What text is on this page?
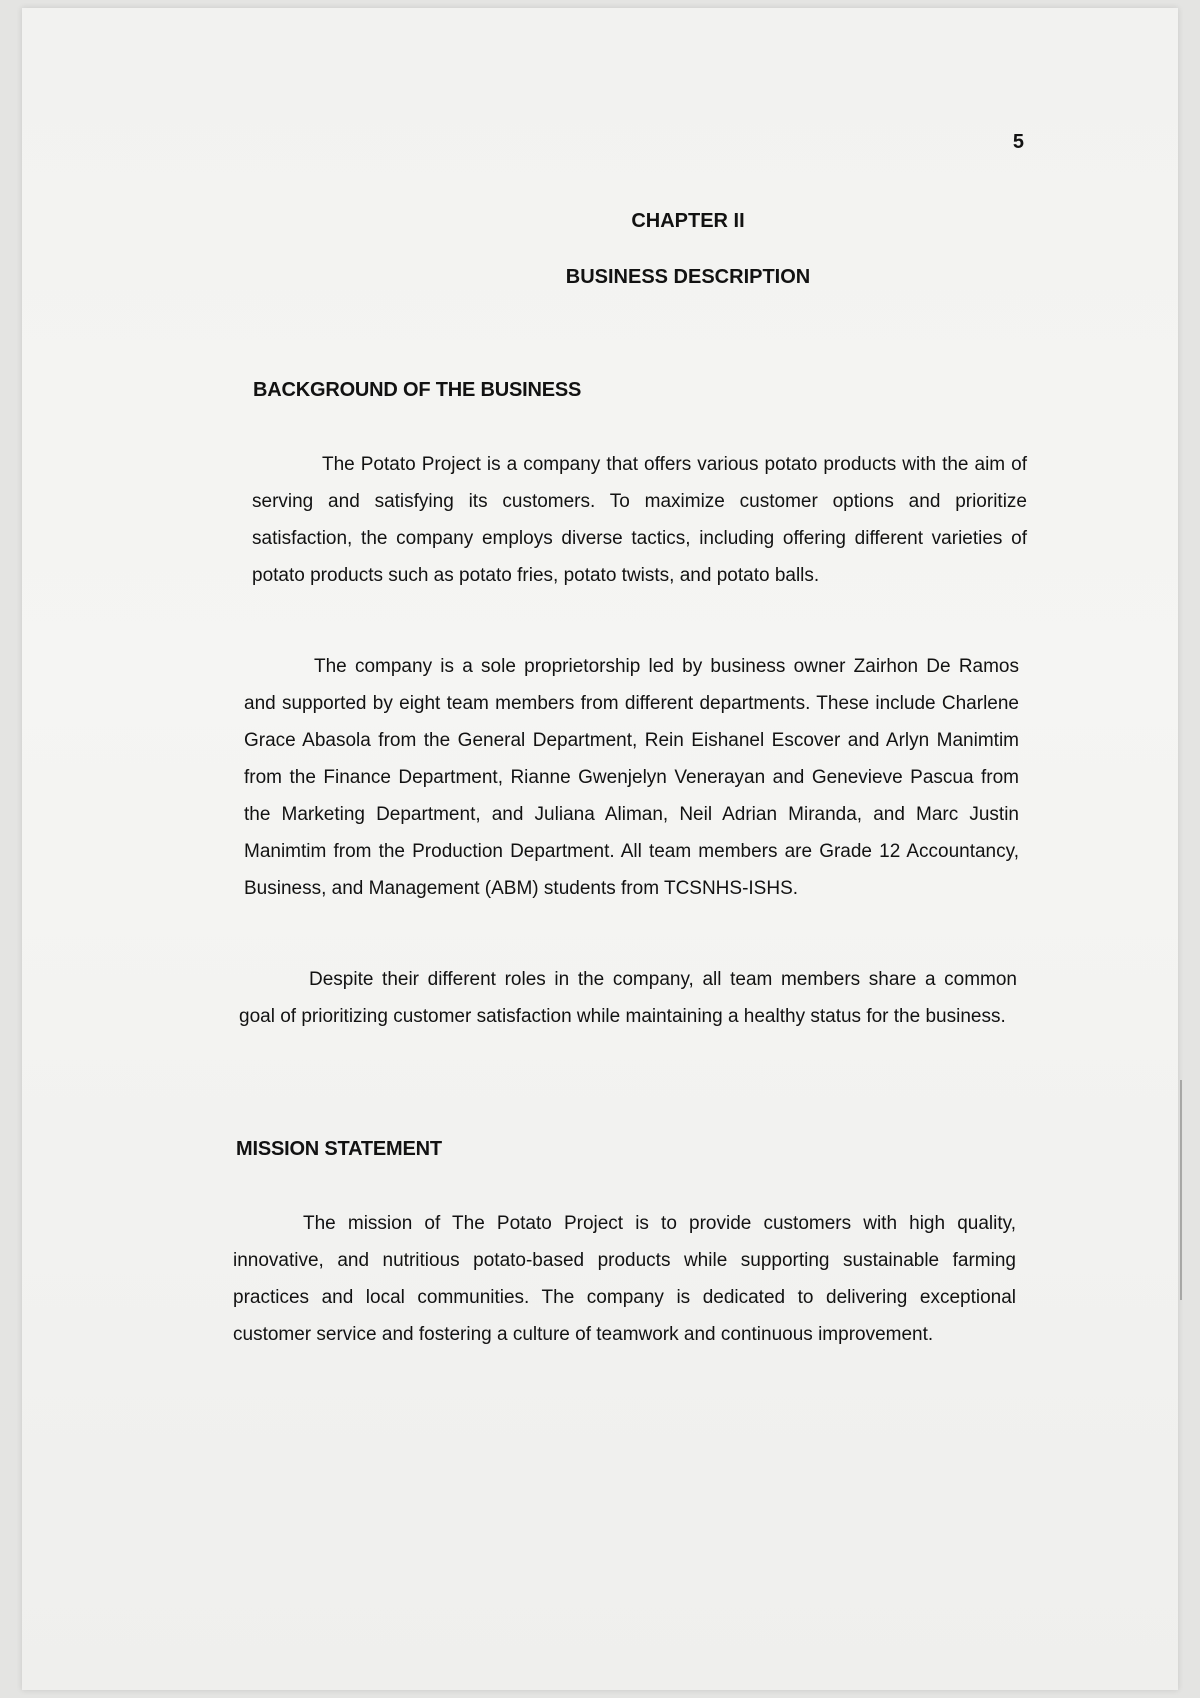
5
CHAPTER II
BUSINESS DESCRIPTION
BACKGROUND OF THE BUSINESS

The Potato Project is a company that offers various potato products with the aim of serving and satisfying its customers. To maximize customer options and prioritize satisfaction, the company employs diverse tactics, including offering different varieties of potato products such as potato fries, potato twists, and potato balls.

The company is a sole proprietorship led by business owner Zairhon De Ramos and supported by eight team members from different departments. These include Charlene Grace Abasola from the General Department, Rein Eishanel Escover and Arlyn Manimtim from the Finance Department, Rianne Gwenjelyn Venerayan and Genevieve Pascua from the Marketing Department, and Juliana Aliman, Neil Adrian Miranda, and Marc Justin Manimtim from the Production Department. All team members are Grade 12 Accountancy, Business, and Management (ABM) students from TCSNHS-ISHS.

Despite their different roles in the company, all team members share a common goal of prioritizing customer satisfaction while maintaining a healthy status for the business.

MISSION STATEMENT

The mission of The Potato Project is to provide customers with high quality, innovative, and nutritious potato-based products while supporting sustainable farming practices and local communities. The company is dedicated to delivering exceptional customer service and fostering a culture of teamwork and continuous improvement.
